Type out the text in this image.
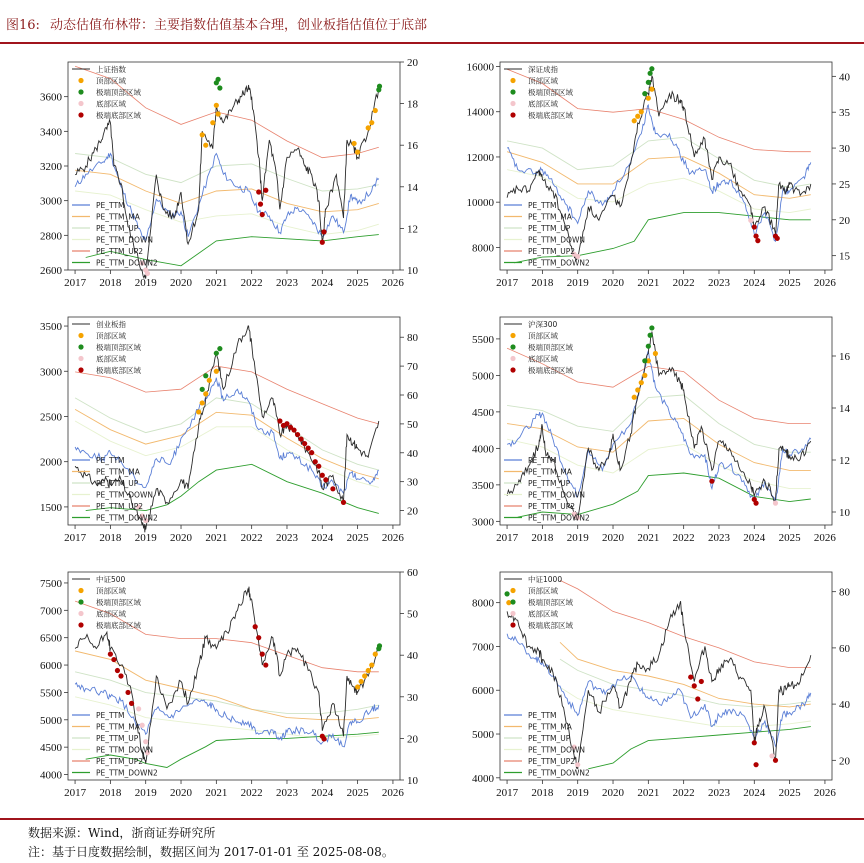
图16: 动态估值布林带：主要指数估值基本合理，创业板指估值位于底部
2017 2018 2019 2020 2021 2022 2023 2024 2025 2026
2600
2800
3000
3200
3400
3600
10
12
14
16
18
20
上证指数
顶部区域
极端顶部区域
底部区域
极端底部区域
PE_TTM
PE_TTM_MA
PE_TTM_UP
PE_TTM_DOWN
PE_TTM_UP2
PE_TTM_DOWN2
2017 2018 2019 2020 2021 2022 2023 2024 2025 2026
8000
10000
12000
14000
16000
15
20
25
30
35
40
深证成指
顶部区域
极端顶部区域
底部区域
极端底部区域
PE_TTM
PE_TTM_MA
PE_TTM_UP
PE_TTM_DOWN
PE_TTM_UP2
PE_TTM_DOWN2
2017 2018 2019 2020 2021 2022 2023 2024 2025 2026
1500
2000
2500
3000
3500
20
30
40
50
60
70
80
创业板指
顶部区域
极端顶部区域
底部区域
极端底部区域
PE_TTM
PE_TTM_MA
PE_TTM_UP
PE_TTM_DOWN
PE_TTM_UP2
PE_TTM_DOWN2
2017 2018 2019 2020 2021 2022 2023 2024 2025 2026
3000
3500
4000
4500
5000
5500
10
12
14
16
沪深300
顶部区域
极端顶部区域
底部区域
极端底部区域
PE_TTM
PE_TTM_MA
PE_TTM_UP
PE_TTM_DOWN
PE_TTM_UP2
PE_TTM_DOWN2
2017 2018 2019 2020 2021 2022 2023 2024 2025 2026
4000
4500
5000
5500
6000
6500
7000
7500
10
20
30
40
50
60
中证500
顶部区域
极端顶部区域
底部区域
极端底部区域
PE_TTM
PE_TTM_MA
PE_TTM_UP
PE_TTM_DOWN
PE_TTM_UP2
PE_TTM_DOWN2
2017 2018 2019 2020 2021 2022 2023 2024 2025 2026
4000
5000
6000
7000
8000
20
40
60
80
中证1000
顶部区域
极端顶部区域
底部区域
极端底部区域
PE_TTM
PE_TTM_MA
PE_TTM_UP
PE_TTM_DOWN
PE_TTM_UP2
PE_TTM_DOWN2
数据来源：Wind，浙商证券研究所
注：基于日度数据绘制，数据区间为 2017-01-01 至 2025-08-08。
